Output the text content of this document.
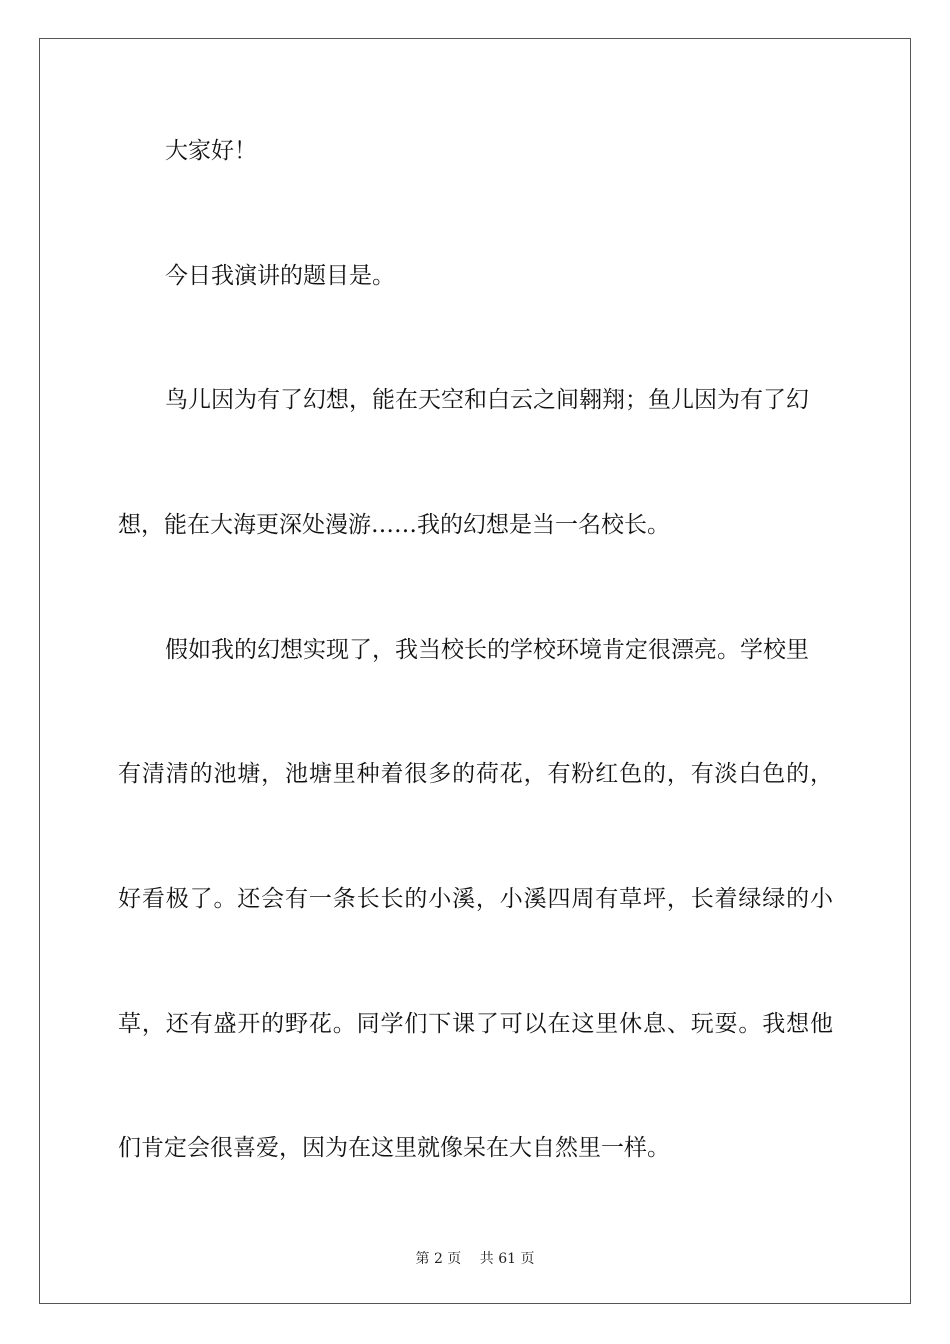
大家好！
今日我演讲的题目是。
鸟儿因为有了幻想，能在天空和白云之间翱翔；鱼儿因为有了幻
想，能在大海更深处漫游……我的幻想是当一名校长。
假如我的幻想实现了，我当校长的学校环境肯定很漂亮。学校里
有清清的池塘，池塘里种着很多的荷花，有粉红色的，有淡白色的，
好看极了。还会有一条长长的小溪，小溪四周有草坪，长着绿绿的小
草，还有盛开的野花。同学们下课了可以在这里休息、玩耍。我想他
们肯定会很喜爱，因为在这里就像呆在大自然里一样。
第 2 页　 共 61 页
